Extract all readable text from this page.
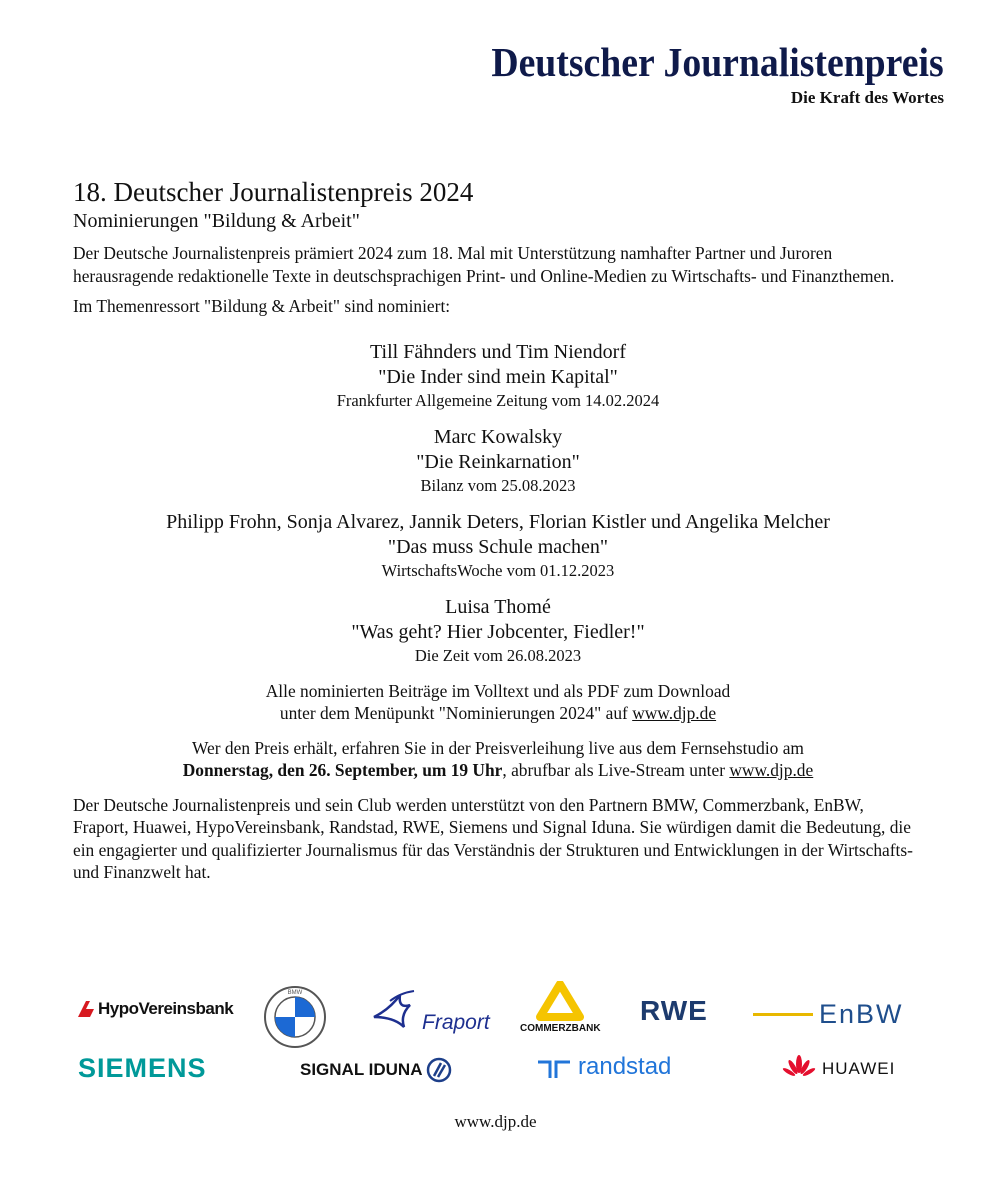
Deutscher Journalistenpreis
Die Kraft des Wortes
18. Deutscher Journalistenpreis 2024
Nominierungen "Bildung & Arbeit"

Der Deutsche Journalistenpreis prämiert 2024 zum 18. Mal mit Unterstützung namhafter Partner und Juroren herausragende redaktionelle Texte in deutschsprachigen Print- und Online-Medien zu Wirtschafts- und Finanzthemen.

Im Themenressort "Bildung & Arbeit" sind nominiert:

Till Fähnders und Tim Niendorf
"Die Inder sind mein Kapital"
Frankfurter Allgemeine Zeitung vom 14.02.2024
Marc Kowalsky
"Die Reinkarnation"
Bilanz vom 25.08.2023
Philipp Frohn, Sonja Alvarez, Jannik Deters, Florian Kistler und Angelika Melcher
"Das muss Schule machen"
WirtschaftsWoche vom 01.12.2023
Luisa Thomé
"Was geht? Hier Jobcenter, Fiedler!"
Die Zeit vom 26.08.2023
Alle nominierten Beiträge im Volltext und als PDF zum Download
unter dem Menüpunkt "Nominierungen 2024" auf www.djp.de
Wer den Preis erhält, erfahren Sie in der Preisverleihung live aus dem Fernsehstudio am
Donnerstag, den 26. September, um 19 Uhr, abrufbar als Live-Stream unter www.djp.de

Der Deutsche Journalistenpreis und sein Club werden unterstützt von den Partnern BMW, Commerzbank, EnBW, Fraport, Huawei, HypoVereinsbank, Randstad, RWE, Siemens und Signal Iduna. Sie würdigen damit die Bedeutung, die ein engagierter und qualifizierter Journalismus für das Verständnis der Strukturen und Entwicklungen in der Wirtschafts- und Finanzwelt hat.

HypoVereinsbank
BMW
Fraport	COMMERZBANK
RWE	EnBW
SIEMENS	SIGNAL IDUNA	randstad	HUAWEI
www.djp.de
